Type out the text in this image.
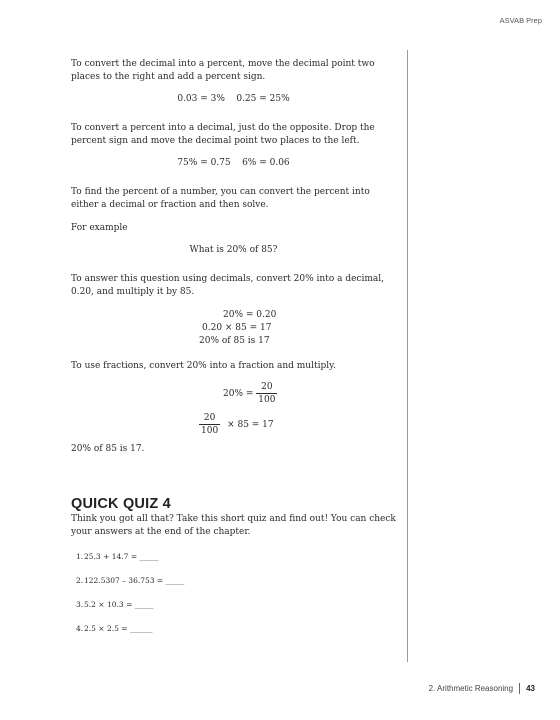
ASVAB Prep

To convert the decimal into a percent, move the decimal point two places to the right and add a percent sign.

0.03 = 3%    0.25 = 25%

To convert a percent into a decimal, just do the opposite. Drop the percent sign and move the decimal point two places to the left.

75% = 0.75    6% = 0.06

To find the percent of a number, you can convert the percent into either a decimal or fraction and then solve.

For example

What is 20% of 85?

To answer this question using decimals, convert 20% into a decimal, 0.20, and multiply it by 85.

20% = 0.20
0.20 × 85 = 17
20% of 85 is 17

To use fractions, convert 20% into a fraction and multiply.

$20\% = \frac{20}{100}$
$\frac{20}{100} \times 85 = 17$

20% of 85 is 17.

QUICK QUIZ 4

Think you got all that? Take this short quiz and find out! You can check your answers at the end of the chapter.

1. 25.3 + 14.7 = _____
2. 122.5307 – 36.753 = _____
3. 5.2 × 10.3 = _____
4. 2.5 × 2.5 = ______
2. Arithmetic Reasoning 43
